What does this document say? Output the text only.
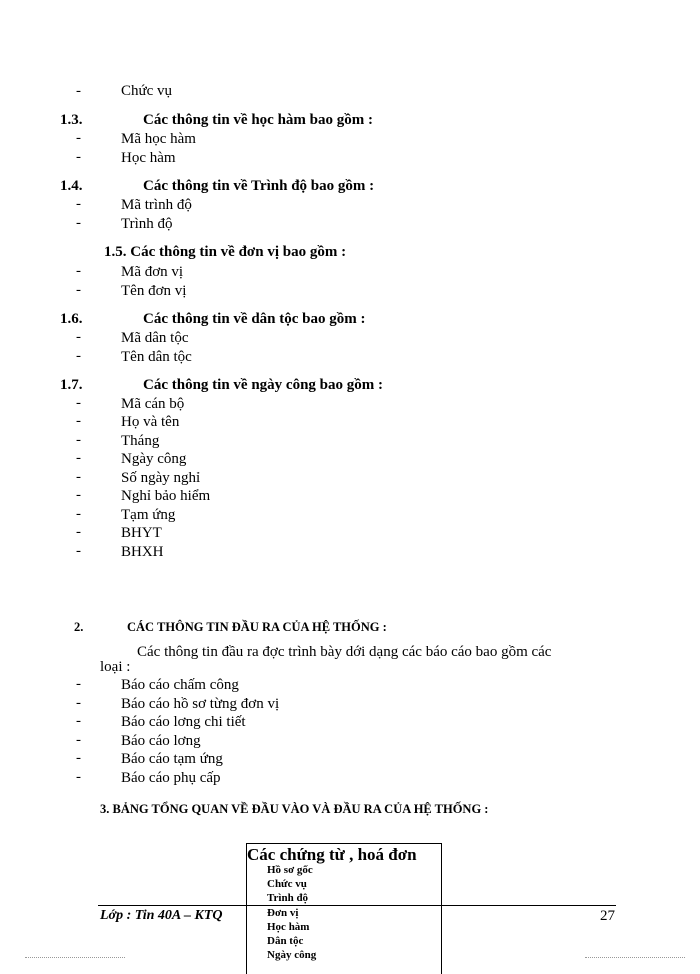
-	Chức vụ
1.3.	Các thông tin về học hàm bao gồm :
-	Mã học hàm
-	Học hàm
1.4.	Các thông tin về Trình độ bao gồm :
-	Mã trình độ
-	Trình độ
1.5. Các thông tin về đơn vị bao gồm :
-	Mã đơn vị
-	Tên đơn vị
1.6.	Các thông tin về dân tộc bao gồm :
-	Mã dân tộc
-	Tên dân tộc
1.7.	Các thông tin về ngày công bao gồm :
-	Mã cán bộ
-	Họ và tên
-	Tháng
-	Ngày công
-	Số ngày nghỉ
-	Nghỉ bảo hiểm
-	Tạm ứng
-	BHYT
-	BHXH
2.	CÁC THÔNG TIN ĐẦU RA CỦA HỆ THỐNG :
Các thông tin đầu ra đợc trình bày dới dạng các báo cáo bao gồm các
loại :
-	Báo cáo chấm công
-	Báo cáo hồ sơ từng đơn vị
-	Báo cáo lơng chi tiết
-	Báo cáo lơng
-	Báo cáo tạm ứng
-	Báo cáo phụ cấp
3. BẢNG TỔNG QUAN VỀ ĐẦU VÀO VÀ ĐẦU RA CỦA HỆ THỐNG :
Các chứng từ , hoá đơn
Hồ sơ gốc
Chức vụ
Trình độ
Đơn vị
Học hàm
Dân tộc
Ngày công
Lớp : Tin 40A – KTQ	27
